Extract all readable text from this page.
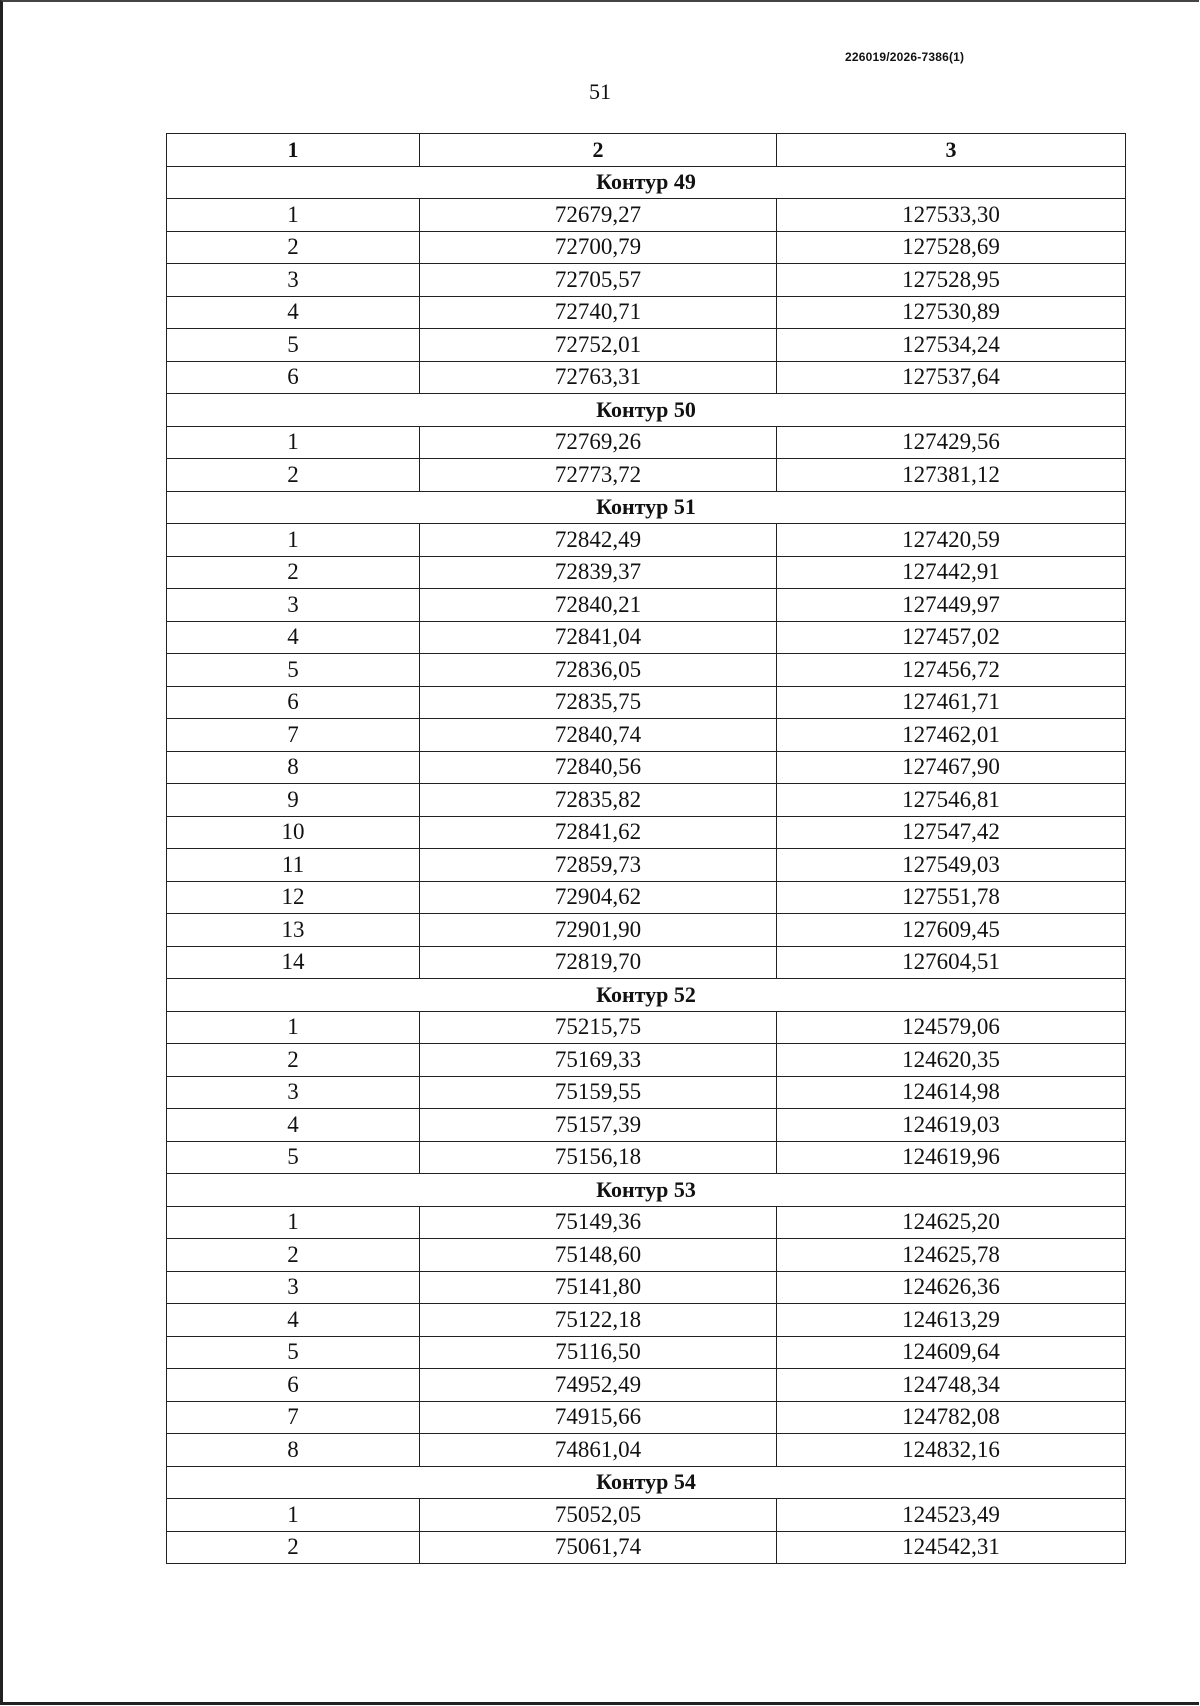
226019/2026-7386(1)
51
1	2	3
Контур 49		
1	72679,27	127533,30
2	72700,79	127528,69
3	72705,57	127528,95
4	72740,71	127530,89
5	72752,01	127534,24
6	72763,31	127537,64
Контур 50		
1	72769,26	127429,56
2	72773,72	127381,12
Контур 51		
1	72842,49	127420,59
2	72839,37	127442,91
3	72840,21	127449,97
4	72841,04	127457,02
5	72836,05	127456,72
6	72835,75	127461,71
7	72840,74	127462,01
8	72840,56	127467,90
9	72835,82	127546,81
10	72841,62	127547,42
11	72859,73	127549,03
12	72904,62	127551,78
13	72901,90	127609,45
14	72819,70	127604,51
Контур 52		
1	75215,75	124579,06
2	75169,33	124620,35
3	75159,55	124614,98
4	75157,39	124619,03
5	75156,18	124619,96
Контур 53		
1	75149,36	124625,20
2	75148,60	124625,78
3	75141,80	124626,36
4	75122,18	124613,29
5	75116,50	124609,64
6	74952,49	124748,34
7	74915,66	124782,08
8	74861,04	124832,16
Контур 54		
1	75052,05	124523,49
2	75061,74	124542,31
